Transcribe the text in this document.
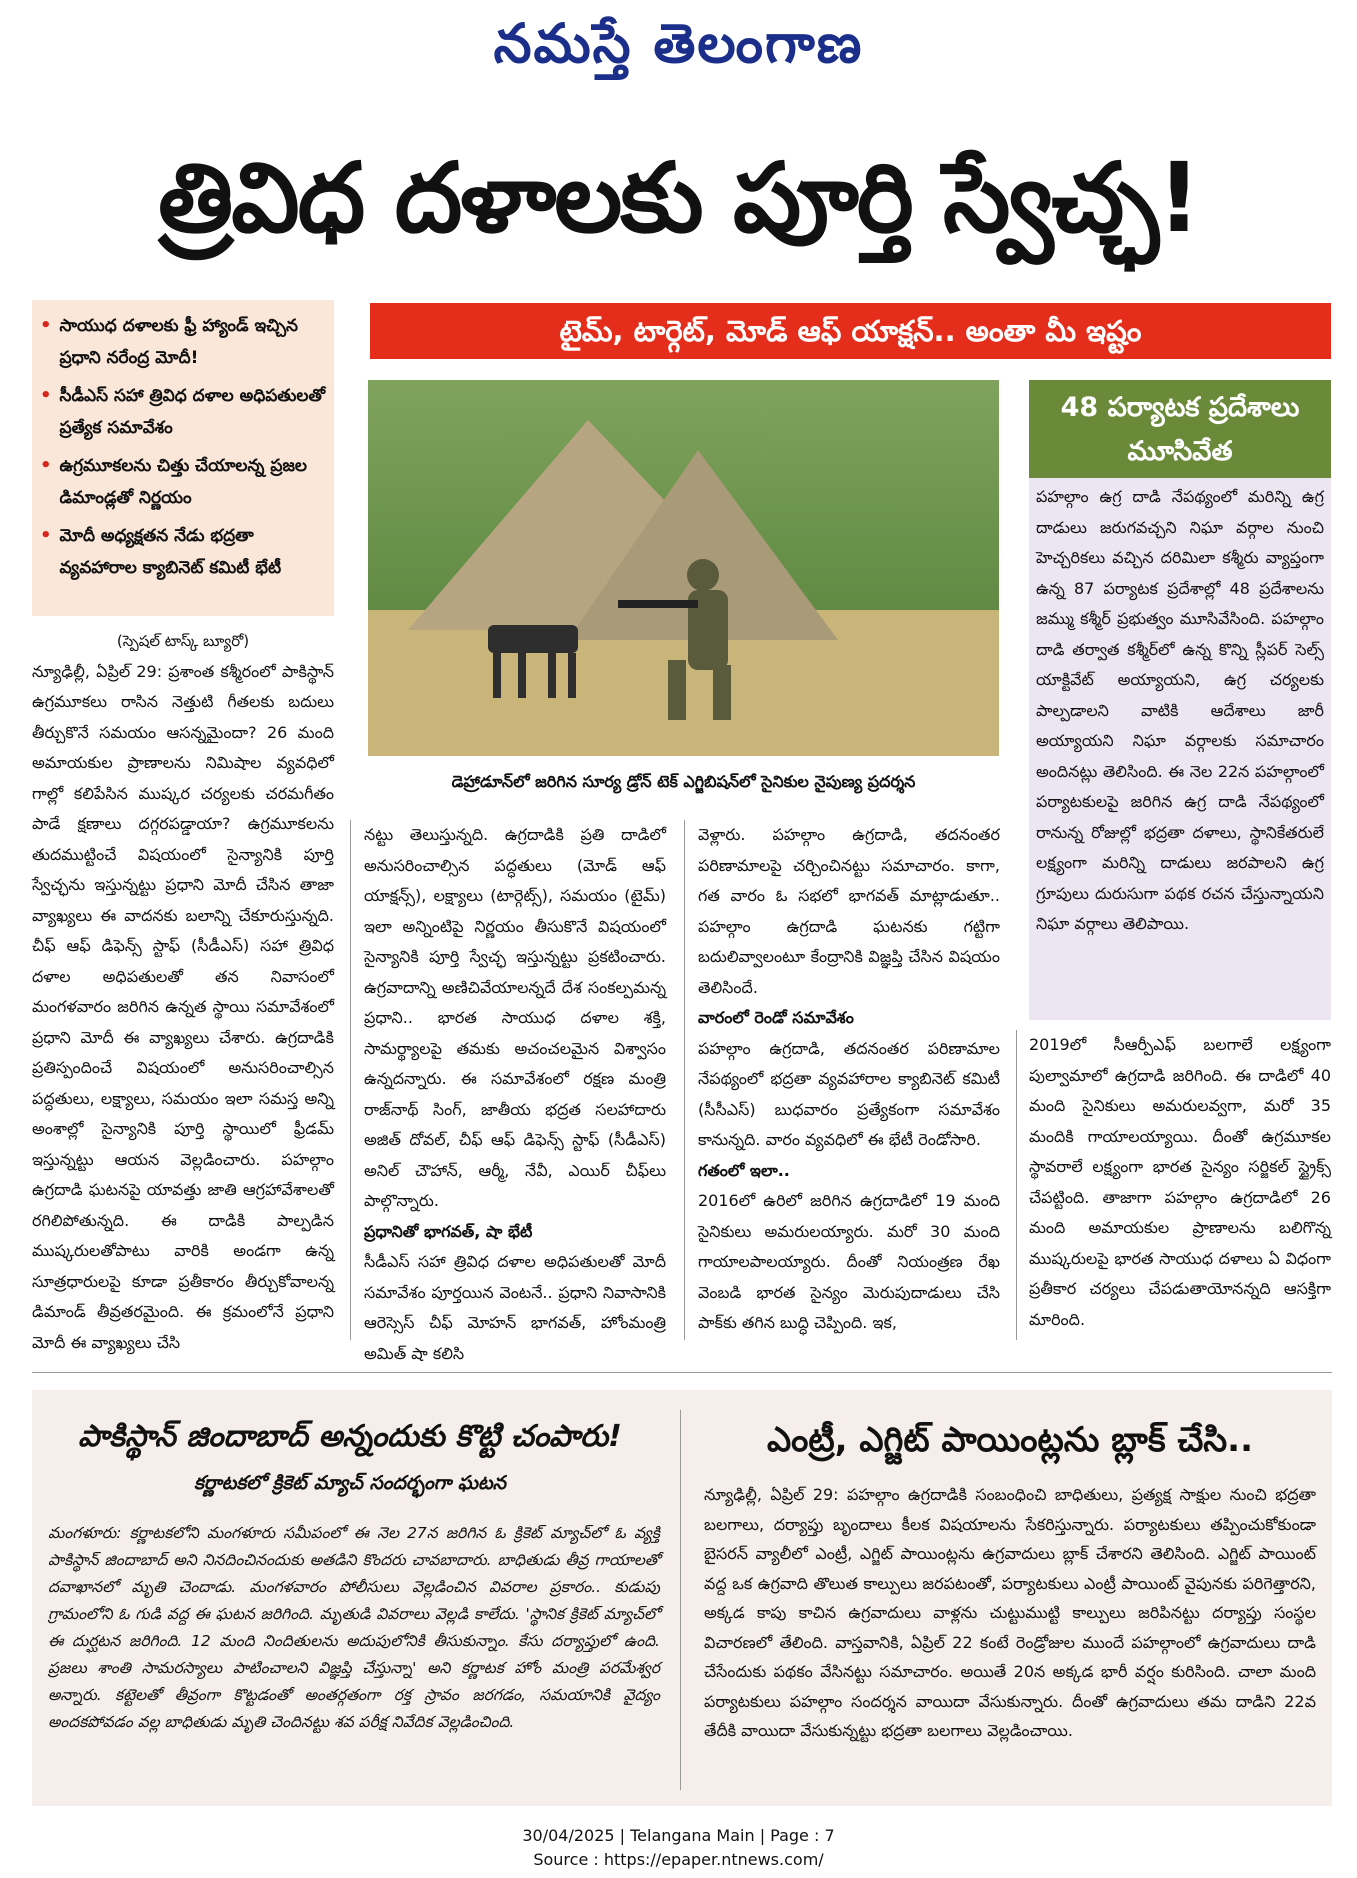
నమస్తే తెలంగాణ
త్రివిధ దళాలకు పూర్తి స్వేచ్ఛ!
• సాయుధ దళాలకు ఫ్రీ హ్యాండ్ ఇచ్చిన ప్రధాని నరేంద్ర మోదీ!
• సీడీఎస్ సహా త్రివిధ దళాల అధిపతులతో ప్రత్యేక సమావేశం
• ఉగ్రమూకలను చిత్తు చేయాలన్న ప్రజల డిమాండ్లతో నిర్ణయం
• మోదీ అధ్యక్షతన నేడు భద్రతా వ్యవహారాల క్యాబినెట్ కమిటీ భేటీ
టైమ్, టార్గెట్, మోడ్ ఆఫ్ యాక్షన్.. అంతా మీ ఇష్టం
డెహ్రాడూన్‌లో జరిగిన సూర్య డ్రోన్ టెక్ ఎగ్జిబిషన్‌లో సైనికుల నైపుణ్య ప్రదర్శన
48 పర్యాటక ప్రదేశాలు మూసివేత
పహల్గాం ఉగ్ర దాడి నేపథ్యంలో మరిన్ని ఉగ్ర దాడులు జరుగవచ్చని నిఘా వర్గాల నుంచి హెచ్చరికలు వచ్చిన దరిమిలా కశ్మీరు వ్యాప్తంగా ఉన్న 87 పర్యాటక ప్రదేశాల్లో 48 ప్రదేశాలను జమ్ము కశ్మీర్ ప్రభుత్వం మూసివేసింది. పహల్గాం దాడి తర్వాత కశ్మీర్‌లో ఉన్న కొన్ని స్లీపర్ సెల్స్ యాక్టివేట్ అయ్యాయని, ఉగ్ర చర్యలకు పాల్పడాలని వాటికి ఆదేశాలు జారీ అయ్యాయని నిఘా వర్గాలకు సమాచారం అందినట్లు తెలిసింది. ఈ నెల 22న పహల్గాంలో పర్యాటకులపై జరిగిన ఉగ్ర దాడి నేపథ్యంలో రానున్న రోజుల్లో భద్రతా దళాలు, స్థానికేతరులే లక్ష్యంగా మరిన్ని దాడులు జరపాలని ఉగ్ర గ్రూపులు దురుసుగా పథక రచన చేస్తున్నాయని నిఘా వర్గాలు తెలిపాయి.

(స్పెషల్ టాస్క్ బ్యూరో)

న్యూఢిల్లీ, ఏప్రిల్ 29: ప్రశాంత కశ్మీరంలో పాకిస్థాన్ ఉగ్రమూకలు రాసిన నెత్తుటి గీతలకు బదులు తీర్చుకొనే సమయం ఆసన్నమైందా? 26 మంది అమాయకుల ప్రాణాలను నిమిషాల వ్యవధిలో గాల్లో కలిపేసిన ముష్కర చర్యలకు చరమగీతం పాడే క్షణాలు దగ్గరపడ్డాయా? ఉగ్రమూకలను తుదముట్టించే విషయంలో సైన్యానికి పూర్తి స్వేచ్ఛను ఇస్తున్నట్టు ప్రధాని మోదీ చేసిన తాజా వ్యాఖ్యలు ఈ వాదనకు బలాన్ని చేకూరుస్తున్నది. చీఫ్ ఆఫ్ డిఫెన్స్ స్టాఫ్ (సీడీఎస్) సహా త్రివిధ దళాల అధిపతులతో తన నివాసంలో మంగళవారం జరిగిన ఉన్నత స్థాయి సమావేశంలో ప్రధాని మోదీ ఈ వ్యాఖ్యలు చేశారు. ఉగ్రదాడికి ప్రతిస్పందించే విషయంలో అనుసరించాల్సిన పద్ధతులు, లక్ష్యాలు, సమయం ఇలా సమస్త అన్ని అంశాల్లో సైన్యానికి పూర్తి స్థాయిలో ఫ్రీడమ్ ఇస్తున్నట్టు ఆయన వెల్లడించారు. పహల్గాం ఉగ్రదాడి ఘటనపై యావత్తు జాతి ఆగ్రహావేశాలతో రగిలిపోతున్నది. ఈ దాడికి పాల్పడిన ముష్కరులతోపాటు వారికి అండగా ఉన్న సూత్రధారులపై కూడా ప్రతీకారం తీర్చుకోవాలన్న డిమాండ్ తీవ్రతరమైంది. ఈ క్రమంలోనే ప్రధాని మోదీ ఈ వ్యాఖ్యలు చేసి

నట్టు తెలుస్తున్నది. ఉగ్రదాడికి ప్రతి దాడిలో అనుసరించాల్సిన పద్ధతులు (మోడ్ ఆఫ్ యాక్షన్స్), లక్ష్యాలు (టార్గెట్స్), సమయం (టైమ్) ఇలా అన్నింటిపై నిర్ణయం తీసుకొనే విషయంలో సైన్యానికి పూర్తి స్వేచ్ఛ ఇస్తున్నట్టు ప్రకటించారు. ఉగ్రవాదాన్ని అణిచివేయాలన్నదే దేశ సంకల్పమన్న ప్రధాని.. భారత సాయుధ దళాల శక్తి, సామర్థ్యాలపై తమకు అచంచలమైన విశ్వాసం ఉన్నదన్నారు. ఈ సమావేశంలో రక్షణ మంత్రి రాజ్‌నాథ్ సింగ్, జాతీయ భద్రత సలహాదారు అజిత్ దోవల్, చీఫ్ ఆఫ్ డిఫెన్స్ స్టాఫ్ (సీడీఎస్) అనిల్ చౌహాన్, ఆర్మీ, నేవీ, ఎయిర్ చీఫ్‌లు పాల్గొన్నారు.

ప్రధానితో భాగవత్, షా భేటీ

సీడీఎస్ సహా త్రివిధ దళాల అధిపతులతో మోదీ సమావేశం పూర్తయిన వెంటనే.. ప్రధాని నివాసానికి ఆరెస్సెస్ చీఫ్ మోహన్ భాగవత్, హోంమంత్రి అమిత్ షా కలిసి

వెళ్లారు. పహల్గాం ఉగ్రదాడి, తదనంతర పరిణామాలపై చర్చించినట్టు సమాచారం. కాగా, గత వారం ఓ సభలో భాగవత్ మాట్లాడుతూ.. పహల్గాం ఉగ్రదాడి ఘటనకు గట్టిగా బదులివ్వాలంటూ కేంద్రానికి విజ్ఞప్తి చేసిన విషయం తెలిసిందే.

వారంలో రెండో సమావేశం

పహల్గాం ఉగ్రదాడి, తదనంతర పరిణామాల నేపథ్యంలో భద్రతా వ్యవహారాల క్యాబినెట్ కమిటీ (సీసీఎస్) బుధవారం ప్రత్యేకంగా సమావేశం కానున్నది. వారం వ్యవధిలో ఈ భేటీ రెండోసారి.

గతంలో ఇలా..

2016లో ఉరిలో జరిగిన ఉగ్రదాడిలో 19 మంది సైనికులు అమరులయ్యారు. మరో 30 మంది గాయాలపాలయ్యారు. దీంతో నియంత్రణ రేఖ వెంబడి భారత సైన్యం మెరుపుదాడులు చేసి పాక్‌కు తగిన బుద్ధి చెప్పింది. ఇక,

2019లో సీఆర్పీఎఫ్ బలగాలే లక్ష్యంగా పుల్వామాలో ఉగ్రదాడి జరిగింది. ఈ దాడిలో 40 మంది సైనికులు అమరులవ్వగా, మరో 35 మందికి గాయాలయ్యాయి. దీంతో ఉగ్రమూకల స్థావరాలే లక్ష్యంగా భారత సైన్యం సర్జికల్ స్ట్రైక్స్ చేపట్టింది. తాజాగా పహల్గాం ఉగ్రదాడిలో 26 మంది అమాయకుల ప్రాణాలను బలిగొన్న ముష్కరులపై భారత సాయుధ దళాలు ఏ విధంగా ప్రతీకార చర్యలు చేపడుతాయోనన్నది ఆసక్తిగా మారింది.

పాకిస్థాన్ జిందాబాద్ అన్నందుకు కొట్టి చంపారు!
కర్ణాటకలో క్రికెట్ మ్యాచ్ సందర్భంగా ఘటన
మంగళూరు: కర్ణాటకలోని మంగళూరు సమీపంలో ఈ నెల 27న జరిగిన ఓ క్రికెట్ మ్యాచ్‌లో ఓ వ్యక్తి పాకిస్థాన్ జిందాబాద్ అని నినదించినందుకు అతడిని కొందరు చావబాదారు. బాధితుడు తీవ్ర గాయాలతో దవాఖానలో మృతి చెందాడు. మంగళవారం పోలీసులు వెల్లడించిన వివరాల ప్రకారం.. కుడుపు గ్రామంలోని ఓ గుడి వద్ద ఈ ఘటన జరిగింది. మృతుడి వివరాలు వెల్లడి కాలేదు. 'స్థానిక క్రికెట్ మ్యాచ్‌లో ఈ దుర్ఘటన జరిగింది. 12 మంది నిందితులను అదుపులోనికి తీసుకున్నాం. కేసు దర్యాప్తులో ఉంది. ప్రజలు శాంతి సామరస్యాలు పాటించాలని విజ్ఞప్తి చేస్తున్నా' అని కర్ణాటక హోం మంత్రి పరమేశ్వర అన్నారు. కట్టెలతో తీవ్రంగా కొట్టడంతో అంతర్గతంగా రక్త స్రావం జరగడం, సమయానికి వైద్యం అందకపోవడం వల్ల బాధితుడు మృతి చెందినట్టు శవ పరీక్ష నివేదిక వెల్లడించింది.
ఎంట్రీ, ఎగ్జిట్ పాయింట్లను బ్లాక్ చేసి..
న్యూఢిల్లీ, ఏప్రిల్ 29: పహల్గాం ఉగ్రదాడికి సంబంధించి బాధితులు, ప్రత్యక్ష సాక్షుల నుంచి భద్రతా బలగాలు, దర్యాప్తు బృందాలు కీలక విషయాలను సేకరిస్తున్నారు. పర్యాటకులు తప్పించుకోకుండా బైసరన్ వ్యాలీలో ఎంట్రీ, ఎగ్జిట్ పాయింట్లను ఉగ్రవాదులు బ్లాక్ చేశారని తెలిసింది. ఎగ్జిట్ పాయింట్ వద్ద ఒక ఉగ్రవాది తొలుత కాల్పులు జరపటంతో, పర్యాటకులు ఎంట్రీ పాయింట్ వైపునకు పరిగెత్తారని, అక్కడ కాపు కాచిన ఉగ్రవాదులు వాళ్లను చుట్టుముట్టి కాల్పులు జరిపినట్టు దర్యాప్తు సంస్థల విచారణలో తేలింది. వాస్తవానికి, ఏప్రిల్ 22 కంటే రెండ్రోజుల ముందే పహల్గాంలో ఉగ్రవాదులు దాడి చేసేందుకు పథకం వేసినట్టు సమాచారం. అయితే 20న అక్కడ భారీ వర్షం కురిసింది. చాలా మంది పర్యాటకులు పహల్గాం సందర్శన వాయిదా వేసుకున్నారు. దీంతో ఉగ్రవాదులు తమ దాడిని 22వ తేదీకి వాయిదా వేసుకున్నట్టు భద్రతా బలగాలు వెల్లడించాయి.
30/04/2025 | Telangana Main | Page : 7
Source : https://epaper.ntnews.com/
